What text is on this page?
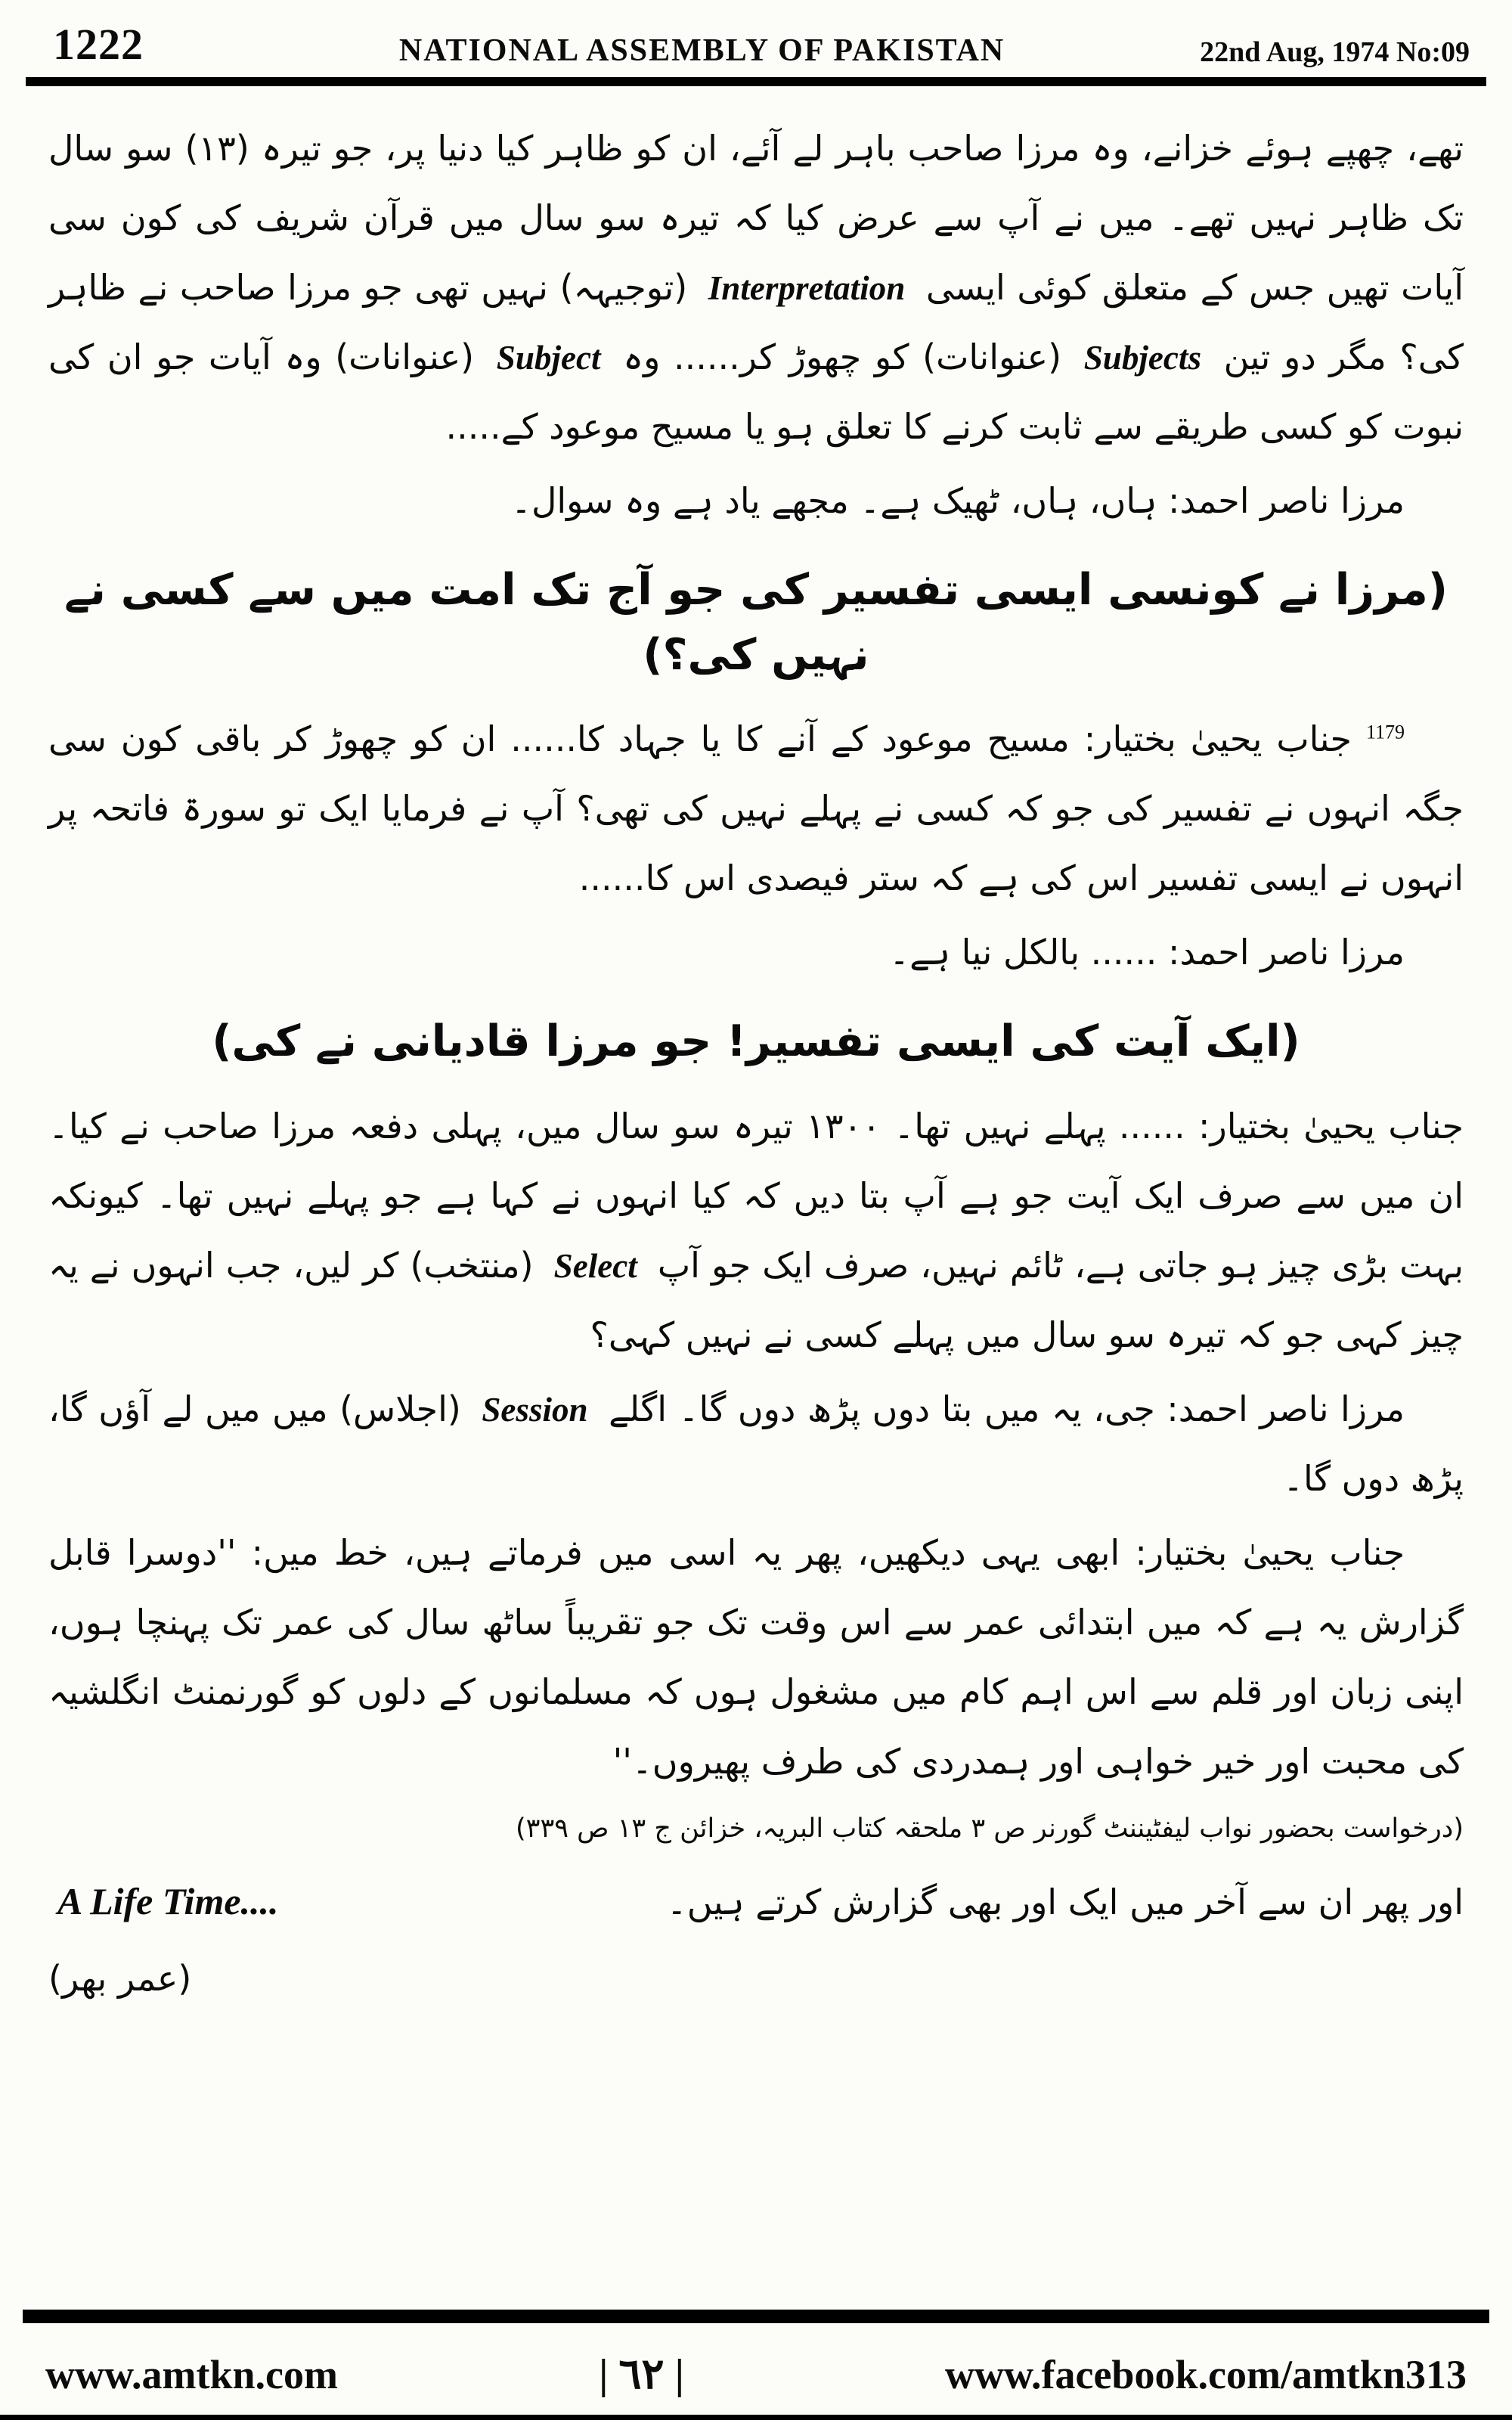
1222	NATIONAL ASSEMBLY OF PAKISTAN	22nd Aug, 1974 No:09
تھے، چھپے ہوئے خزانے، وہ مرزا صاحب باہر لے آئے، ان کو ظاہر کیا دنیا پر، جو تیرہ (۱۳) سو سال تک ظاہر نہیں تھے۔ میں نے آپ سے عرض کیا کہ تیرہ سو سال میں قرآن شریف کی کون سی آیات تھیں جس کے متعلق کوئی ایسی Interpretation (توجیہہ) نہیں تھی جو مرزا صاحب نے ظاہر کی؟ مگر دو تین Subjects (عنوانات) کو چھوڑ کر...... وہ Subject (عنوانات) وہ آیات جو ان کی نبوت کو کسی طریقے سے ثابت کرنے کا تعلق ہو یا مسیح موعود کے.....
مرزا ناصر احمد: ہاں، ہاں، ٹھیک ہے۔ مجھے یاد ہے وہ سوال۔
(مرزا نے کونسی ایسی تفسیر کی جو آج تک امت میں سے کسی نے نہیں کی؟)
$^{1179}$ جناب یحییٰ بختیار: مسیح موعود کے آنے کا یا جہاد کا...... ان کو چھوڑ کر باقی کون سی جگہ انہوں نے تفسیر کی جو کہ کسی نے پہلے نہیں کی تھی؟ آپ نے فرمایا ایک تو سورۃ فاتحہ پر انہوں نے ایسی تفسیر اس کی ہے کہ ستر فیصدی اس کا......
مرزا ناصر احمد: ...... بالکل نیا ہے۔
(ایک آیت کی ایسی تفسیر! جو مرزا قادیانی نے کی)
جناب یحییٰ بختیار: ...... پہلے نہیں تھا۔ ۱۳۰۰ تیرہ سو سال میں، پہلی دفعہ مرزا صاحب نے کیا۔ ان میں سے صرف ایک آیت جو ہے آپ بتا دیں کہ کیا انہوں نے کہا ہے جو پہلے نہیں تھا۔ کیونکہ بہت بڑی چیز ہو جاتی ہے، ٹائم نہیں، صرف ایک جو آپ Select (منتخب) کر لیں، جب انہوں نے یہ چیز کہی جو کہ تیرہ سو سال میں پہلے کسی نے نہیں کہی؟
مرزا ناصر احمد: جی، یہ میں بتا دوں پڑھ دوں گا۔ اگلے Session (اجلاس) میں میں لے آؤں گا، پڑھ دوں گا۔
جناب یحییٰ بختیار: ابھی یہی دیکھیں، پھر یہ اسی میں فرماتے ہیں، خط میں: ''دوسرا قابل گزارش یہ ہے کہ میں ابتدائی عمر سے اس وقت تک جو تقریباً ساٹھ سال کی عمر تک پہنچا ہوں، اپنی زبان اور قلم سے اس اہم کام میں مشغول ہوں کہ مسلمانوں کے دلوں کو گورنمنٹ انگلشیہ کی محبت اور خیر خواہی اور ہمدردی کی طرف پھیروں۔''
(درخواست بحضور نواب لیفٹیننٹ گورنر ص ۳ ملحقہ کتاب البریہ، خزائن ج ۱۳ ص ۳۳۹)
اور پھر ان سے آخر میں ایک اور بھی گزارش کرتے ہیں۔
A Life Time....
(عمر بھر)
www.amtkn.com	| ٦٢ |	www.facebook.com/amtkn313
